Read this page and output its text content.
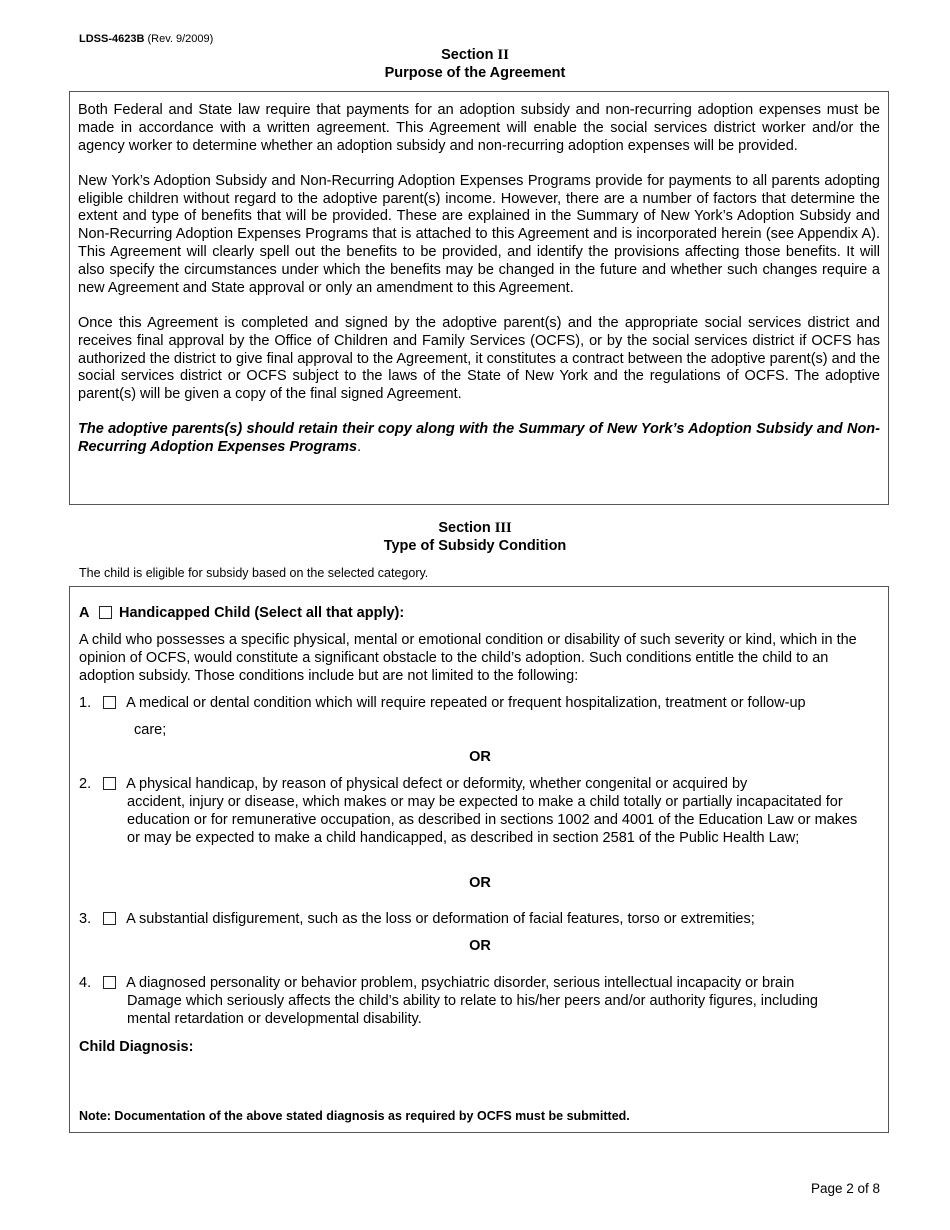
LDSS-4623B (Rev. 9/2009)
Section II
Purpose of the Agreement

Both Federal and State law require that payments for an adoption subsidy and non-recurring adoption expenses must be made in accordance with a written agreement. This Agreement will enable the social services district worker and/or the agency worker to determine whether an adoption subsidy and non-recurring adoption expenses will be provided.

New York’s Adoption Subsidy and Non-Recurring Adoption Expenses Programs provide for payments to all parents adopting eligible children without regard to the adoptive parent(s) income. However, there are a number of factors that determine the extent and type of benefits that will be provided. These are explained in the Summary of New York’s Adoption Subsidy and Non-Recurring Adoption Expenses Programs that is attached to this Agreement and is incorporated herein (see Appendix A). This Agreement will clearly spell out the benefits to be provided, and identify the provisions affecting those benefits. It will also specify the circumstances under which the benefits may be changed in the future and whether such changes require a new Agreement and State approval or only an amendment to this Agreement.

Once this Agreement is completed and signed by the adoptive parent(s) and the appropriate social services district and receives final approval by the Office of Children and Family Services (OCFS), or by the social services district if OCFS has authorized the district to give final approval to the Agreement, it constitutes a contract between the adoptive parent(s) and the social services district or OCFS subject to the laws of the State of New York and the regulations of OCFS. The adoptive parent(s) will be given a copy of the final signed Agreement.

The adoptive parents(s) should retain their copy along with the Summary of New York’s Adoption Subsidy and Non-Recurring Adoption Expenses Programs.

Section III
Type of Subsidy Condition
The child is eligible for subsidy based on the selected category.
A Handicapped Child (Select all that apply):
A child who possesses a specific physical, mental or emotional condition or disability of such severity or kind, which in the opinion of OCFS, would constitute a significant obstacle to the child’s adoption. Such conditions entitle the child to an adoption subsidy. Those conditions include but are not limited to the following:
1. A medical or dental condition which will require repeated or frequent hospitalization, treatment or follow-up
care;
OR
2. A physical handicap, by reason of physical defect or deformity, whether congenital or acquired by
accident, injury or disease, which makes or may be expected to make a child totally or partially incapacitated for education or for remunerative occupation, as described in sections 1002 and 4001 of the Education Law or makes or may be expected to make a child handicapped, as described in section 2581 of the Public Health Law;
OR
3. A substantial disfigurement, such as the loss or deformation of facial features, torso or extremities;
OR
4. A diagnosed personality or behavior problem, psychiatric disorder, serious intellectual incapacity or brain
Damage which seriously affects the child’s ability to relate to his/her peers and/or authority figures, including mental retardation or developmental disability.
Child Diagnosis:
Note: Documentation of the above stated diagnosis as required by OCFS must be submitted.
Page 2 of 8
